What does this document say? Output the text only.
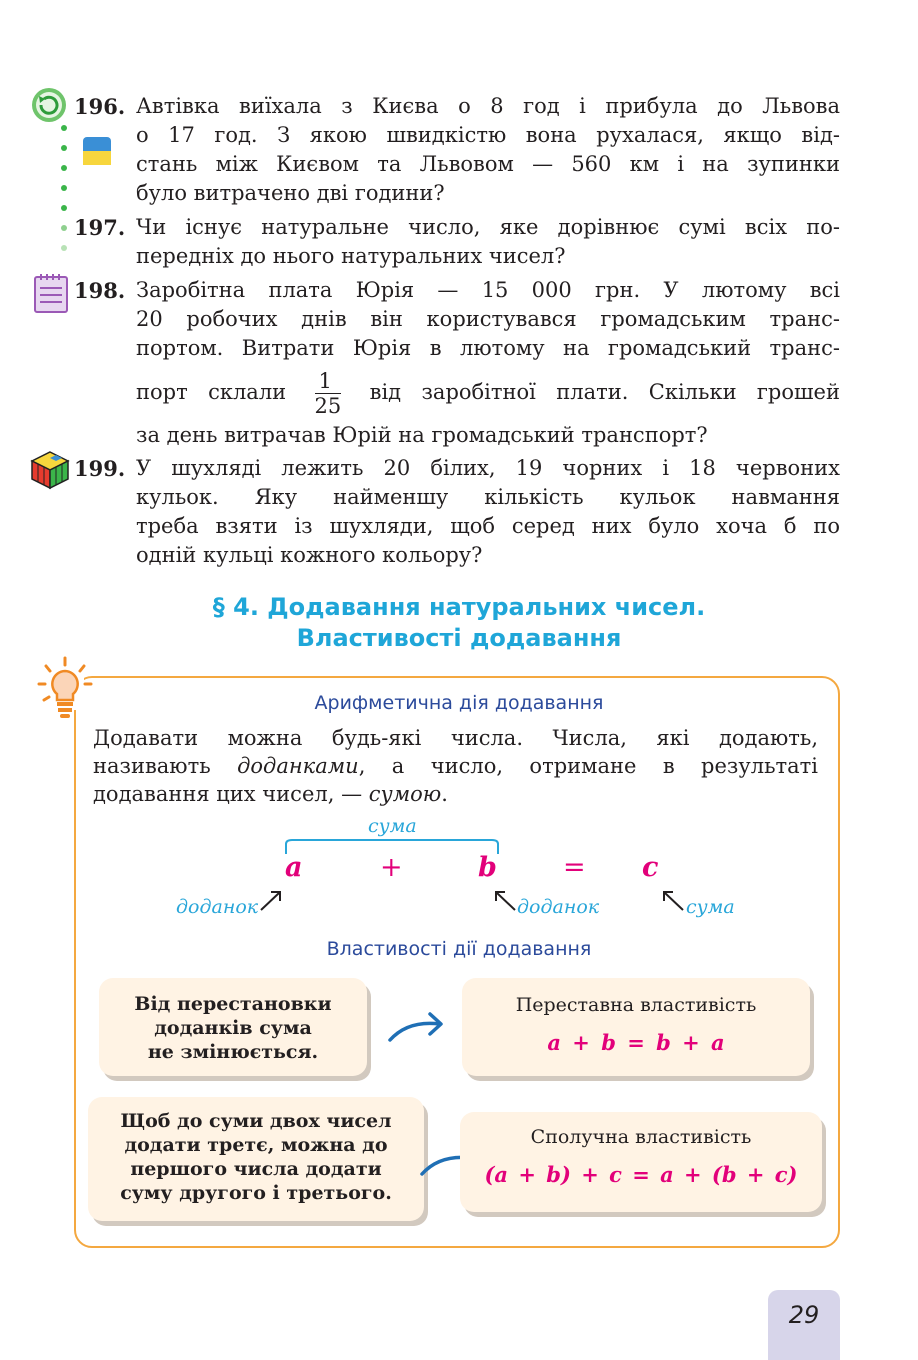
196. Автівка виїхала з Києва о 8 год і прибула до Львова
о 17 год. З якою швидкістю вона рухалася, якщо від-
стань між Києвом та Львовом — 560 км і на зупинки
було витрачено дві години?
197. Чи існує натуральне число, яке дорівнює сумі всіх по-
передніх до нього натуральних чисел?
198. Заробітна плата Юрія — 15 000 грн. У лютому всі
20 робочих днів він користувався громадським транс-
портом. Витрати Юрія в лютому на громадський транс-
порт склали $\frac{1}{25}$ від заробітної плати. Скільки грошей
за день витрачав Юрій на громадський транспорт?
199. У шухляді лежить 20 білих, 19 чорних і 18 червоних
кульок. Яку найменшу кількість кульок навмання
треба взяти із шухляди, щоб серед них було хоча б по
одній кульці кожного кольору?
§ 4. Додавання натуральних чисел.
Властивості додавання
Арифметична дія додавання
Додавати можна будь-які числа. Числа, які додають,
називають доданками, а число, отримане в результаті
додавання цих чисел, — сумою.
сума
a	+	b = c
доданок	доданок	сума
Властивості дії додавання
Від перестановки
доданків сума
не змінюється.
Переставна властивість
a + b = b + a
Щоб до суми двох чисел
додати третє, можна до
першого числа додати
суму другого і третього.
Сполучна властивість
(a + b) + c = a + (b + c)
29
